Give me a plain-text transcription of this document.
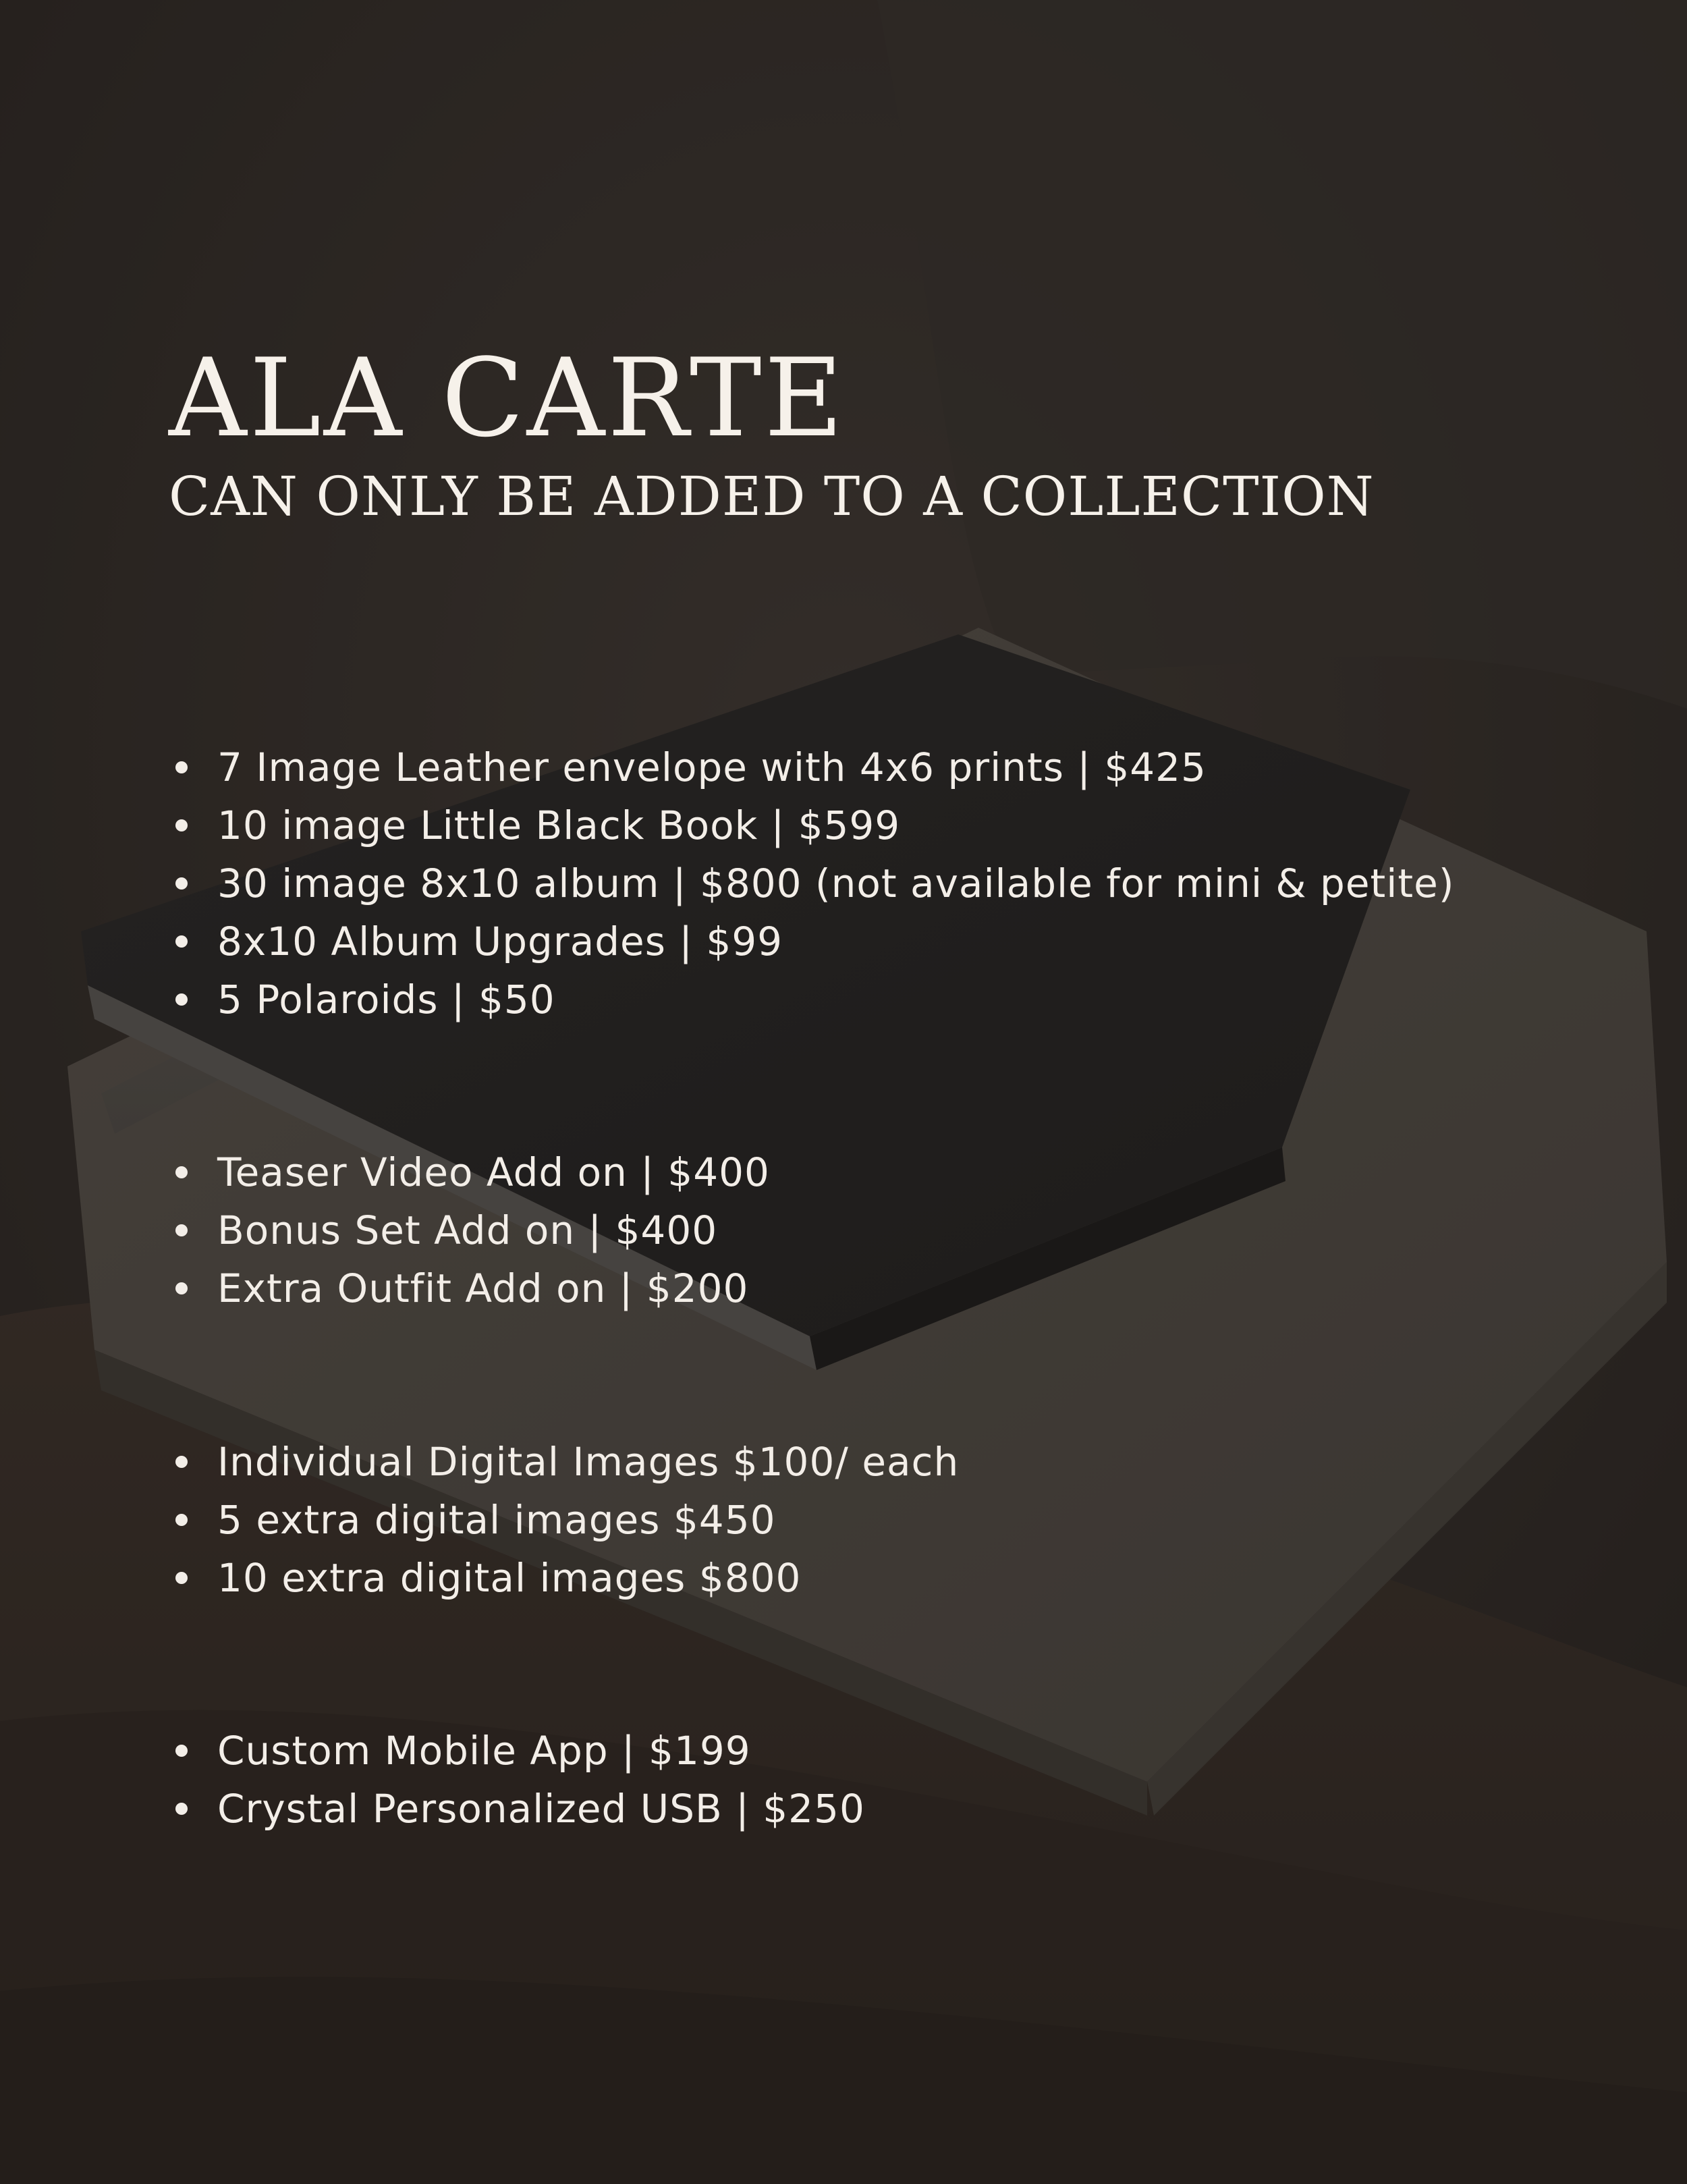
ALA CARTE
CAN ONLY BE ADDED TO A COLLECTION
7 Image Leather envelope with 4x6 prints | $425
10 image Little Black Book | $599
30 image 8x10 album | $800 (not available for mini & petite)
8x10 Album Upgrades | $99
5 Polaroids | $50
Teaser Video Add on | $400
Bonus Set Add on | $400
Extra Outfit Add on | $200
Individual Digital Images $100/ each
5 extra digital images $450
10 extra digital images $800
Custom Mobile App | $199
Crystal Personalized USB | $250
